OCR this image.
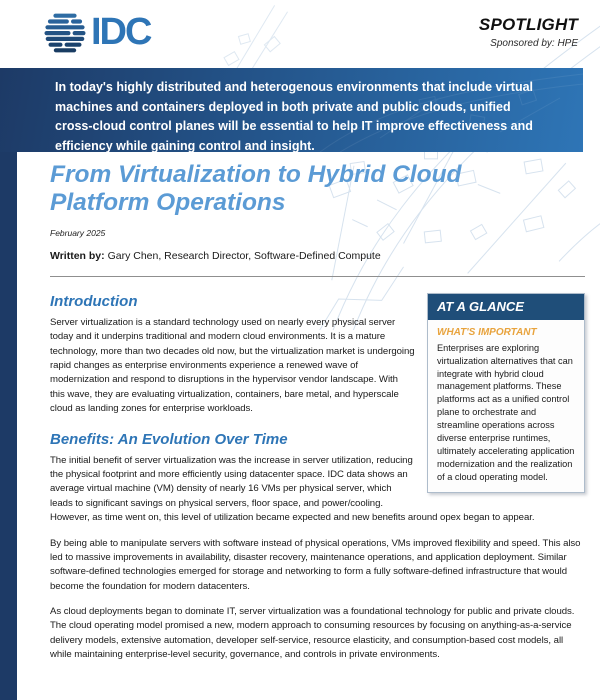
IDC	SPOTLIGHT
Sponsored by: HPE
In today's highly distributed and heterogenous environments that include virtual machines and containers deployed in both private and public clouds, unified cross-cloud control planes will be essential to help IT improve effectiveness and efficiency while gaining control and insight.
From Virtualization to Hybrid Cloud Platform Operations
February 2025
Written by: Gary Chen, Research Director, Software-Defined Compute
AT A GLANCE
WHAT'S IMPORTANT
Enterprises are exploring virtualization alternatives that can integrate with hybrid cloud management platforms. These platforms act as a unified control plane to orchestrate and streamline operations across diverse enterprise runtimes, ultimately accelerating application modernization and the realization of a cloud operating model.
Introduction

Server virtualization is a standard technology used on nearly every physical server today and it underpins traditional and modern cloud environments. It is a mature technology, more than two decades old now, but the virtualization market is undergoing rapid changes as enterprise environments experience a renewed wave of modernization and respond to disruptions in the hypervisor vendor landscape. With this wave, they are evaluating virtualization, containers, bare metal, and hyperscale cloud as landing zones for enterprise workloads.

Benefits: An Evolution Over Time

The initial benefit of server virtualization was the increase in server utilization, reducing the physical footprint and more efficiently using datacenter space. IDC data shows an average virtual machine (VM) density of nearly 16 VMs per physical server, which leads to significant savings on physical servers, floor space, and power/cooling. However, as time went on, this level of utilization became expected and new benefits around opex began to appear.

By being able to manipulate servers with software instead of physical operations, VMs improved flexibility and speed. This also led to massive improvements in availability, disaster recovery, maintenance operations, and application deployment. Similar software-defined technologies emerged for storage and networking to form a fully software-defined infrastructure that would become the foundation for modern datacenters.

As cloud deployments began to dominate IT, server virtualization was a foundational technology for public and private clouds. The cloud operating model promised a new, modern approach to consuming resources by focusing on anything-as-a-service delivery models, extensive automation, developer self-service, resource elasticity, and consumption-based cost models, all while maintaining enterprise-level security, governance, and controls in private environments.
